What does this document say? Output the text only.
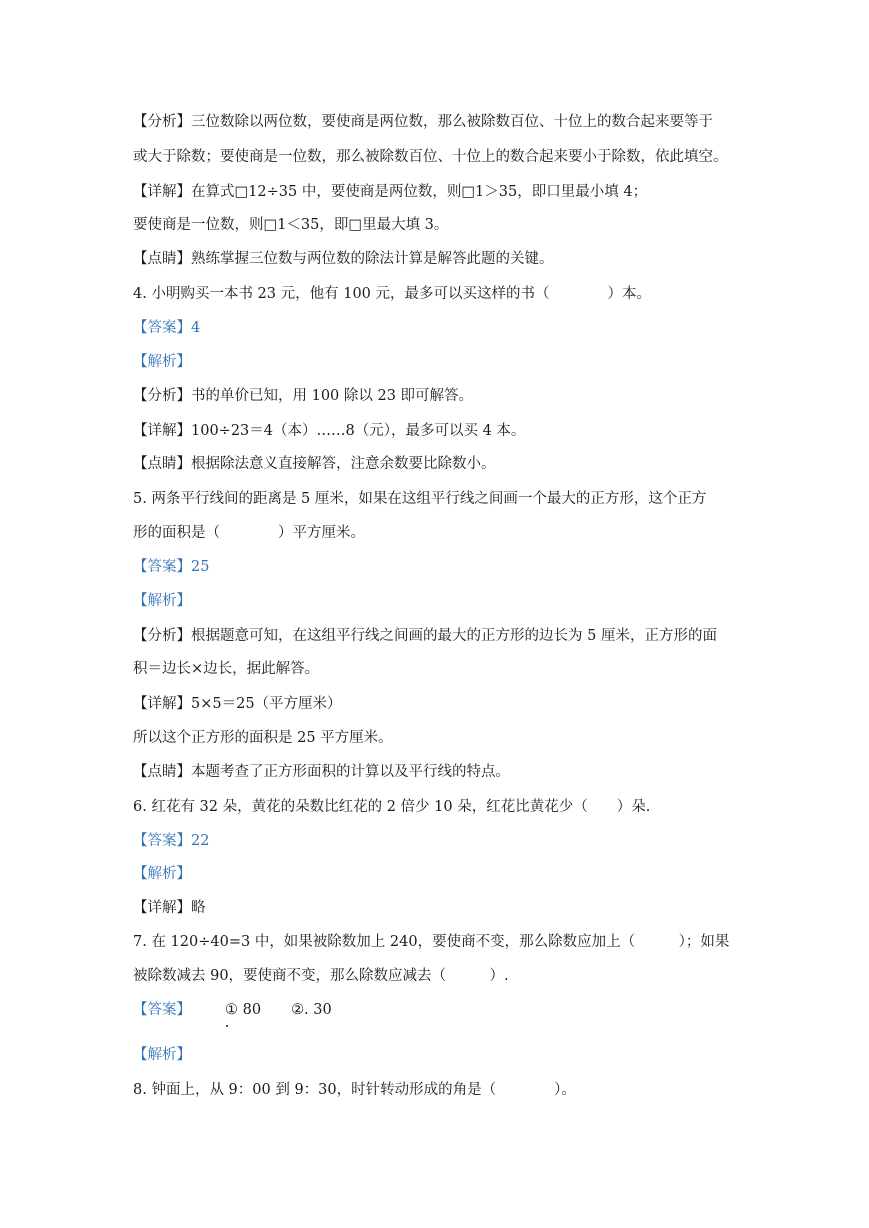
【分析】三位数除以两位数，要使商是两位数，那么被除数百位、十位上的数合起来要等于

或大于除数；要使商是一位数，那么被除数百位、十位上的数合起来要小于除数，依此填空。

【详解】在算式□12÷35 中，要使商是两位数，则□1＞35，即口里最小填 4；

要使商是一位数，则□1＜35，即□里最大填 3。

【点睛】熟练掌握三位数与两位数的除法计算是解答此题的关键。

4. 小明购买一本书 23 元，他有 100 元，最多可以买这样的书（　　　　）本。

【答案】4

【解析】

【分析】书的单价已知，用 100 除以 23 即可解答。

【详解】100÷23＝4（本）……8（元），最多可以买 4 本。

【点睛】根据除法意义直接解答，注意余数要比除数小。

5. 两条平行线间的距离是 5 厘米，如果在这组平行线之间画一个最大的正方形，这个正方

形的面积是（　　　　）平方厘米。

【答案】25

【解析】

【分析】根据题意可知，在这组平行线之间画的最大的正方形的边长为 5 厘米，正方形的面

积＝边长×边长，据此解答。

【详解】5×5＝25（平方厘米）

所以这个正方形的面积是 25 平方厘米。

【点睛】本题考查了正方形面积的计算以及平行线的特点。

6. 红花有 32 朵，黄花的朵数比红花的 2 倍少 10 朵，红花比黄花少（　　）朵.

【答案】22

【解析】

【详解】略

7. 在 120÷40=3 中，如果被除数加上 240，要使商不变，那么除数应加上（　　　）；如果

被除数减去 90，要使商不变，那么除数应减去（　　　）.

【答案】 ① 80 ②. 30

【解析】

8. 钟面上，从 9：00 到 9：30，时针转动形成的角是（　　　　）。
